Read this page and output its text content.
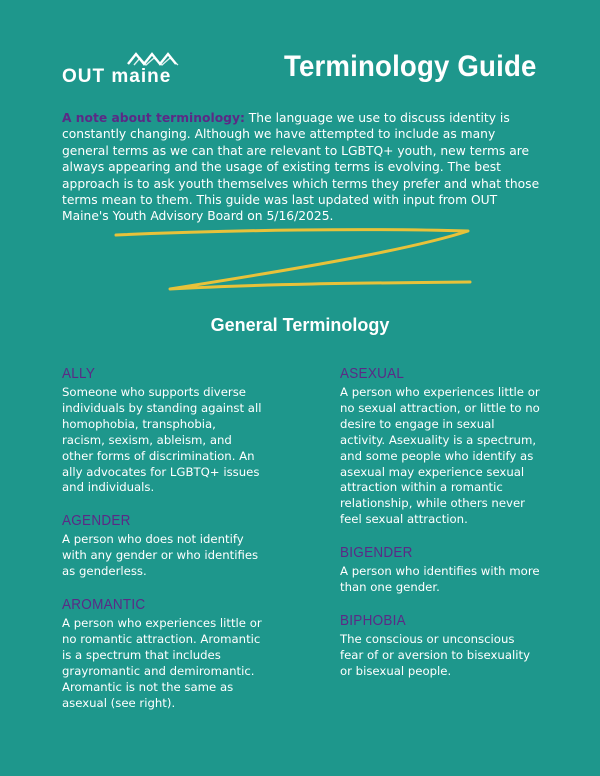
OUT maine	Terminology Guide
A note about terminology: The language we use to discuss identity is constantly changing. Although we have attempted to include as many general terms as we can that are relevant to LGBTQ+ youth, new terms are always appearing and the usage of existing terms is evolving. The best approach is to ask youth themselves which terms they prefer and what those terms mean to them. This guide was last updated with input from OUT Maine's Youth Advisory Board on 5/16/2025.
General Terminology
ALLY

Someone who supports diverse individuals by standing against all homophobia, transphobia, racism, sexism, ableism, and other forms of discrimination. An ally advocates for LGBTQ+ issues and individuals.

AGENDER

A person who does not identify with any gender or who identifies as genderless.

AROMANTIC

A person who experiences little or no romantic attraction. Aromantic is a spectrum that includes grayromantic and demiromantic. Aromantic is not the same as asexual (see right).

ASEXUAL

A person who experiences little or no sexual attraction, or little to no desire to engage in sexual activity. Asexuality is a spectrum, and some people who identify as asexual may experience sexual attraction within a romantic relationship, while others never feel sexual attraction.

BIGENDER

A person who identifies with more than one gender.

BIPHOBIA

The conscious or unconscious fear of or aversion to bisexuality or bisexual people.
